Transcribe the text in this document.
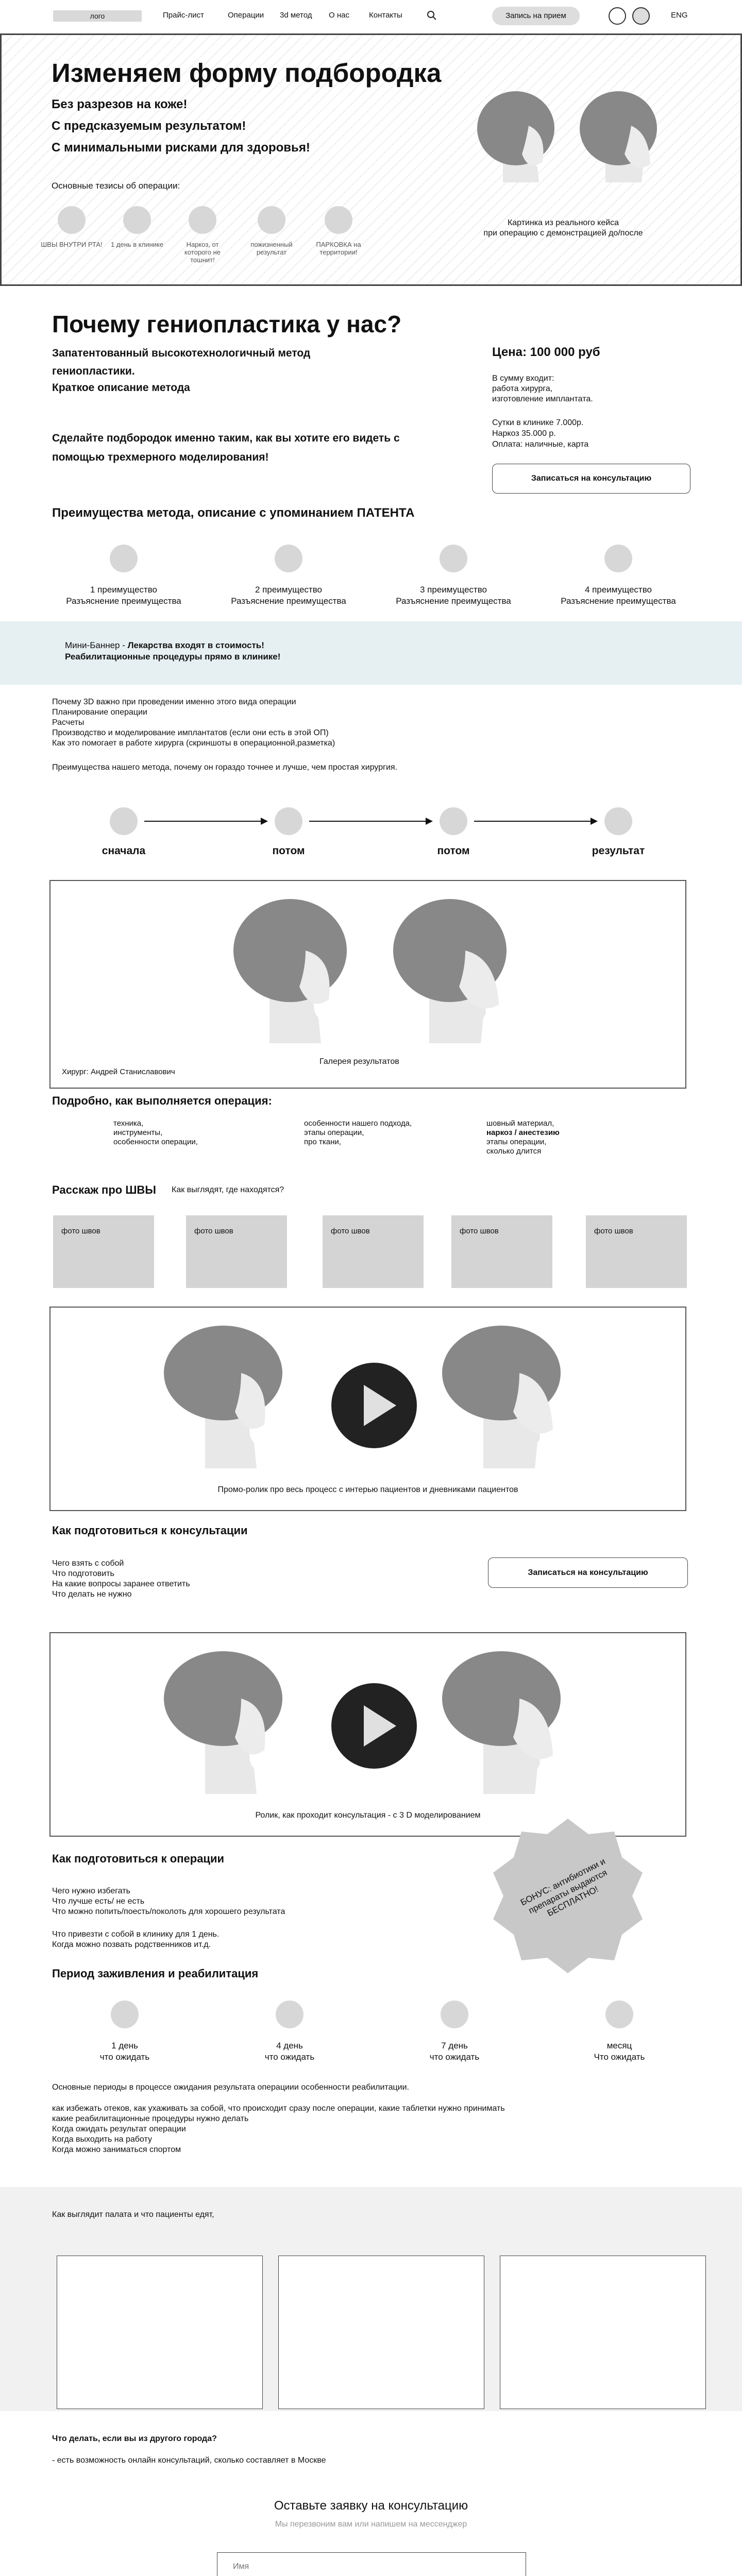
лого	Прайс-лист	Операции 3d метод О нас	Контакты	Запись на прием	ENG
Изменяем форму подбородка
Без разрезов на коже!
С предсказуемым результатом!
С минимальными рисками для здоровья!
Основные тезисы об операции:
ШВЫ ВНУТРИ РТА!	1 день в клинике	Наркоз, от которого не тошнит!
пожизненный результат
ПАРКОВКА на территории!
Картинка из реального кейса
при операцию с демонстрацией до/после
Почему гениопластика у нас?
Запатентованный высокотехнологичный метод гениопластики.
Краткое описание метода
Сделайте подбородок именно таким, как вы хотите его видеть с помощью трехмерного моделирования!
Цена: 100 000 руб
В сумму входит:
работа хирурга,
изготовление имплантата.
Сутки в клинике 7.000р.
Наркоз 35.000 р.
Оплата: наличные, карта
Записаться на консультацию
Преимущества метода, описание с упоминанием ПАТЕНТА
1 преимущество
Разъяснение преимущества
2 преимущество
Разъяснение преимущества
3 преимущество
Разъяснение преимущества
4 преимущество
Разъяснение преимущества
Мини-Баннер - Лекарства входят в стоимость!
Реабилитационные процедуры прямо в клинике!
Почему 3D важно при проведении именно этого вида операции
Планирование операции
Расчеты
Производство и моделирование имплантатов (если они есть в этой ОП)
Как это помогает в работе хирурга (скриншоты в операционной,разметка)
Преимущества нашего метода, почему он гораздо точнее и лучше, чем простая хирургия.
сначала	потом	потом	результат
Галерея результатов
Хирург: Андрей Станиславович
Подробно, как выполняется операция:
техника,
инструменты,
особенности операции,
особенности нашего подхода,
этапы операции,
про ткани,
шовный материал,
наркоз / анестезию
этапы операции,
сколько длится
Расскаж про ШВЫ Как выглядят, где находятся?
фото швов	фото швов	фото швов	фото швов	фото швов
Промо-ролик про весь процесс с интерью пациентов и дневниками пациентов
Как подготовиться к консультации
Чего взять с собой
Что подготовить
На какие вопросы заранее ответить
Что делать не нужно
Записаться на консультацию
Ролик, как проходит консультация - с 3 D моделированием
Как подготовиться к операции
Чего нужно избегать
Что лучше есть/ не есть
Что можно попить/поесть/поколоть для хорошего результата
Что привезти с собой в клинику для 1 день.
Когда можно позвать родственников ит.д.
БОНУС: антибиотики и препараты выдаются БЕСПЛАТНО!
Период заживления и реабилитация
1 день
что ожидать
4 день
что ожидать
7 день
что ожидать
месяц
Что ожидать
Основные периоды в процессе ожидания результата операциии особенности реабилитации.
как избежать отеков, как ухаживать за собой, что происходит сразу после операции, какие таблетки нужно принимать
какие реабилитационные процедуры нужно делать
Когда ожидать результат операции
Когда выходить на работу
Когда можно заниматься спортом
Как выглядит палата и что пациенты едят,
Что делать, если вы из другого города?
- есть возможность онлайн консультаций, сколько составляет в Москве
Оставьте заявку на консультацию
Мы перезвоним вам или напишем на мессенджер
Имя
